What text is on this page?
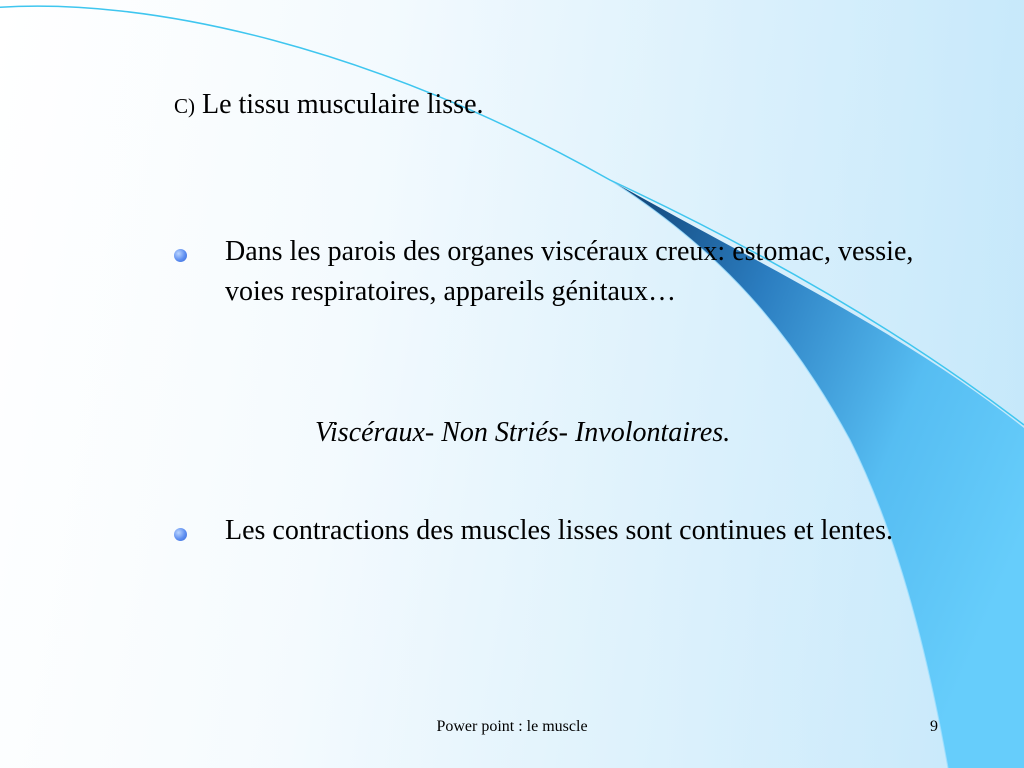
C) Le tissu musculaire lisse.
Dans les parois des organes viscéraux creux: estomac, vessie, voies respiratoires, appareils génitaux…
Viscéraux- Non Striés- Involontaires.
Les contractions des muscles lisses sont continues et lentes.
Power point : le muscle	9
